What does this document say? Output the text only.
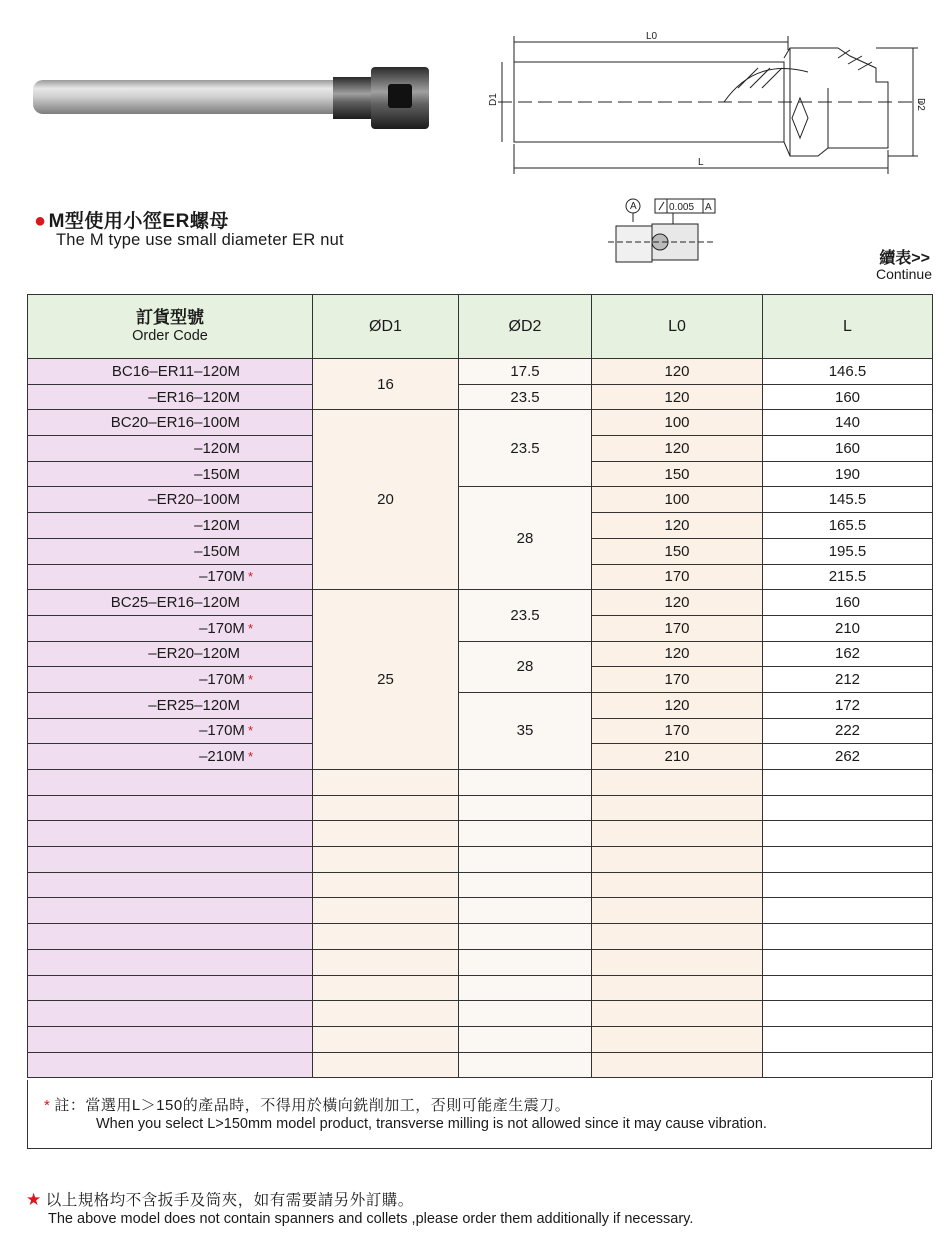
L0
L
D1	D2
A	0.005 A
● M型使用小徑ER螺母
The M type use small diameter ER nut
續表>>
Continue
訂貨型號
Order Code	ØD1	ØD2	L0	L
BC16–ER11–120M	16	17.5	120	146.5
–ER16–120M		23.5	120	160
BC20–ER16–100M	20	23.5	100	140
–120M			120	160
–150M			150	190
–ER20–100M		28	100	145.5
–120M			120	165.5
–150M			150	195.5
–170M *			170	215.5
BC25–ER16–120M	25	23.5	120	160
–170M *			170	210
–ER20–120M		28	120	162
–170M *			170	212
–ER25–120M		35	120	172
–170M *			170	222
–210M *			210	262

* 註：當選用L＞150的產品時，不得用於橫向銑削加工，否則可能產生震刀。
When you select L>150mm model product, transverse milling is not allowed since it may cause vibration.
★ 以上規格均不含扳手及筒夾，如有需要請另外訂購。
The above model does not contain spanners and collets ,please order them additionally if necessary.
